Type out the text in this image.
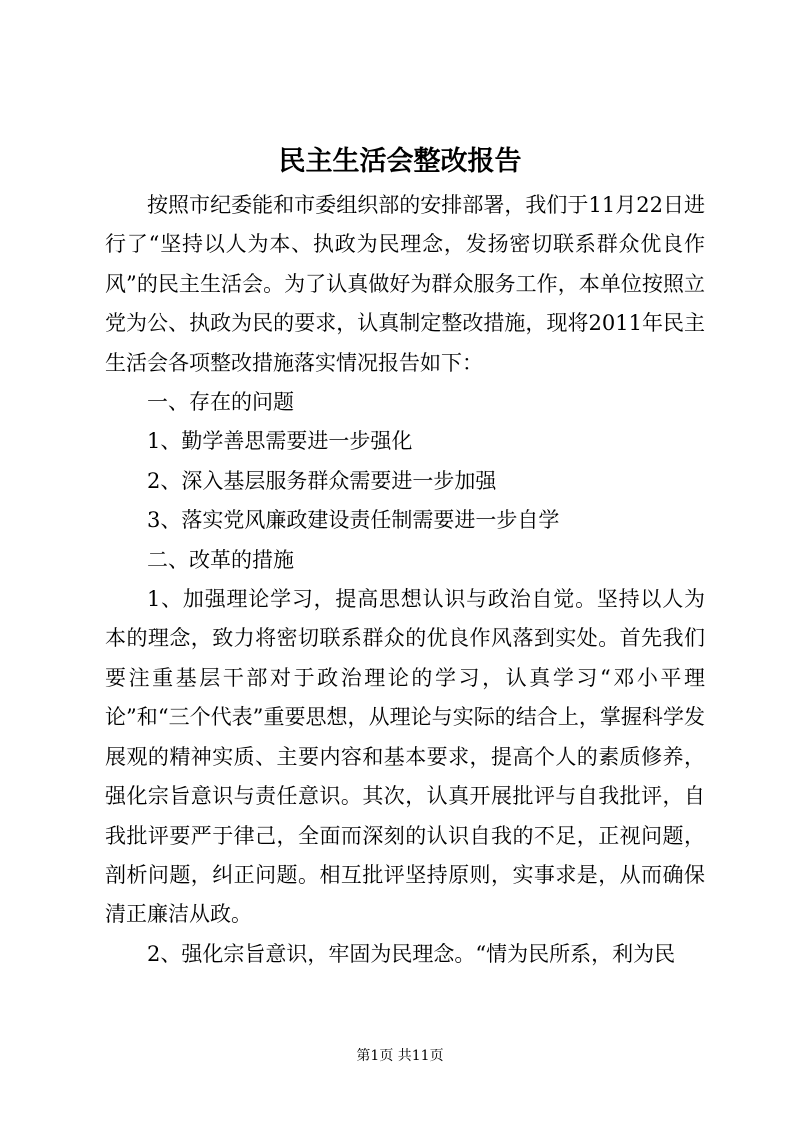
民主生活会整改报告

按照市纪委能和市委组织部的安排部署，我们于11月22日进行了“坚持以人为本、执政为民理念，发扬密切联系群众优良作风”的民主生活会。为了认真做好为群众服务工作，本单位按照立党为公、执政为民的要求，认真制定整改措施，现将2011年民主生活会各项整改措施落实情况报告如下：

一、存在的问题

1、勤学善思需要进一步强化

2、深入基层服务群众需要进一步加强

3、落实党风廉政建设责任制需要进一步自学

二、改革的措施

1、加强理论学习，提高思想认识与政治自觉。坚持以人为本的理念，致力将密切联系群众的优良作风落到实处。首先我们要注重基层干部对于政治理论的学习，认真学习“邓小平理论”和“三个代表”重要思想，从理论与实际的结合上，掌握科学发展观的精神实质、主要内容和基本要求，提高个人的素质修养，强化宗旨意识与责任意识。其次，认真开展批评与自我批评，自我批评要严于律己，全面而深刻的认识自我的不足，正视问题，剖析问题，纠正问题。相互批评坚持原则，实事求是，从而确保清正廉洁从政。

2、强化宗旨意识，牢固为民理念。“情为民所系，利为民

第1页 共11页
